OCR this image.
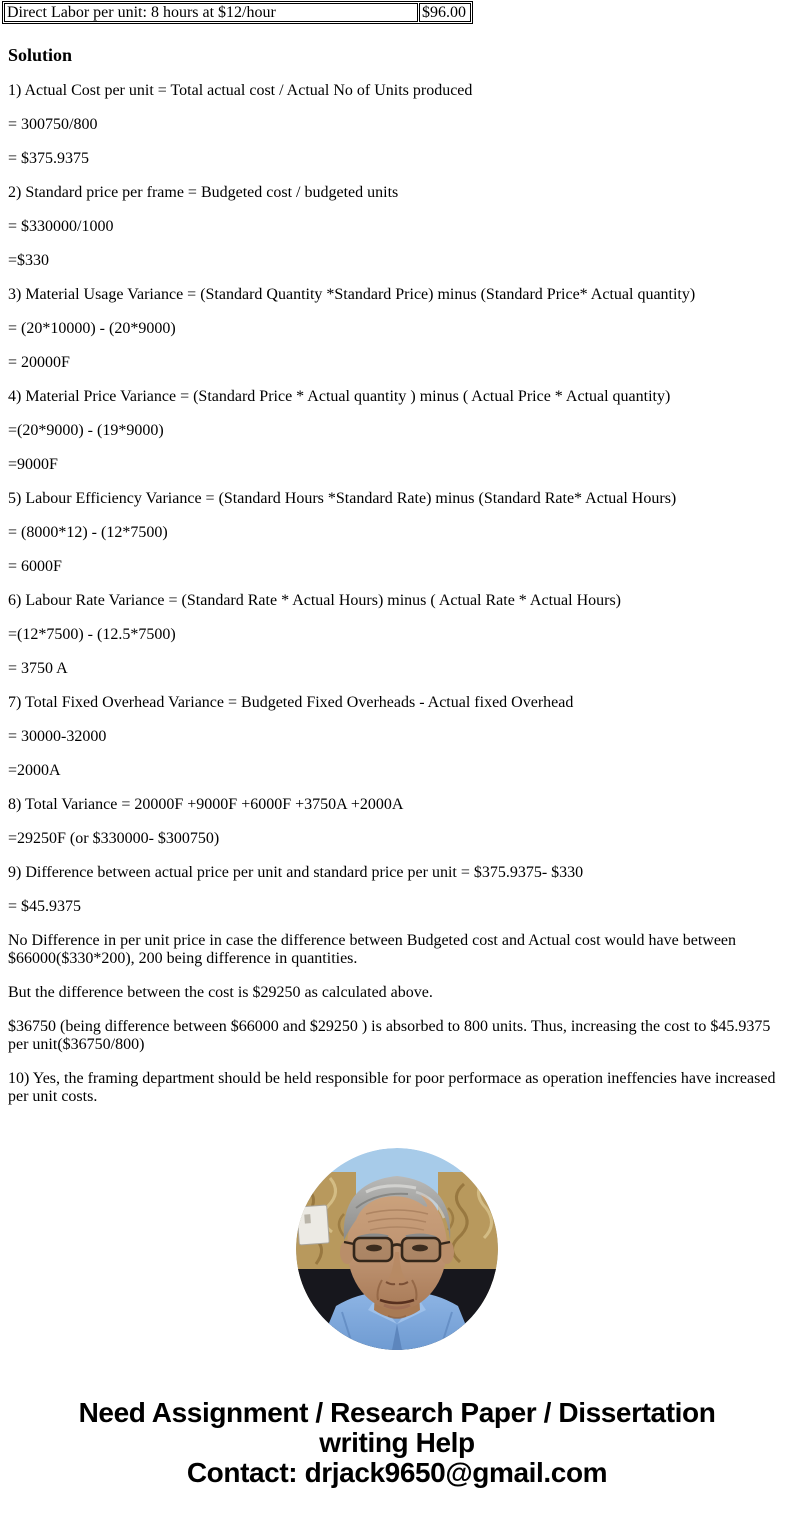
Direct Labor per unit: 8 hours at $12/hour	$96.00
Solution

1) Actual Cost per unit = Total actual cost / Actual No of Units produced

= 300750/800

= $375.9375

2) Standard price per frame = Budgeted cost / budgeted units

= $330000/1000

=$330

3) Material Usage Variance = (Standard Quantity *Standard Price) minus (Standard Price* Actual quantity)

= (20*10000) - (20*9000)

= 20000F

4) Material Price Variance = (Standard Price * Actual quantity ) minus ( Actual Price * Actual quantity)

=(20*9000) - (19*9000)

=9000F

5) Labour Efficiency Variance = (Standard Hours *Standard Rate) minus (Standard Rate* Actual Hours)

= (8000*12) - (12*7500)

= 6000F

6) Labour Rate Variance = (Standard Rate * Actual Hours) minus ( Actual Rate * Actual Hours)

=(12*7500) - (12.5*7500)

= 3750 A

7) Total Fixed Overhead Variance = Budgeted Fixed Overheads - Actual fixed Overhead

= 30000-32000

=2000A

8) Total Variance = 20000F +9000F +6000F +3750A +2000A

=29250F (or $330000- $300750)

9) Difference between actual price per unit and standard price per unit = $375.9375- $330

= $45.9375

No Difference in per unit price in case the difference between Budgeted cost and Actual cost would have between $66000($330*200), 200 being difference in quantities.

But the difference between the cost is $29250 as calculated above.

$36750 (being difference between $66000 and $29250 ) is absorbed to 800 units. Thus, increasing the cost to $45.9375 per unit($36750/800)

10) Yes, the framing department should be held responsible for poor performace as operation ineffencies have increased per unit costs.

Need Assignment / Research Paper / Dissertation
writing Help
Contact: drjack9650@gmail.com
